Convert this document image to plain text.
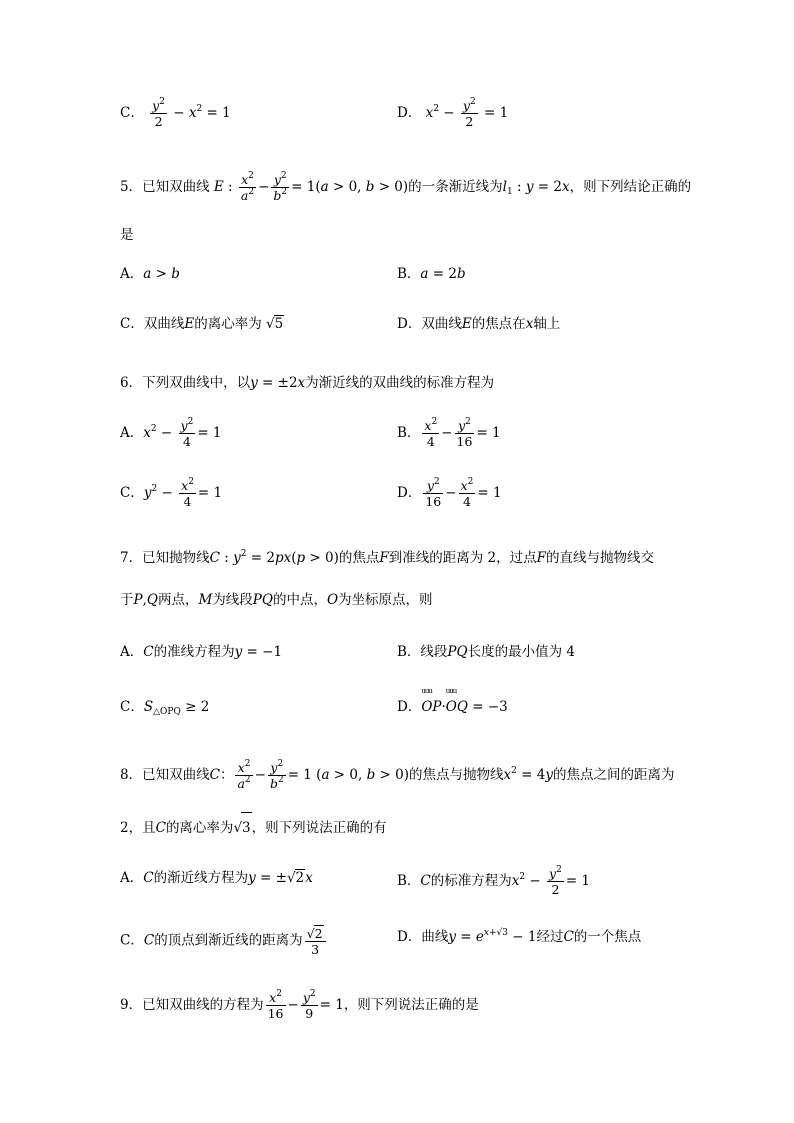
C． $\frac{y^2}{2} - x^2 = 1$	D． $x^2 - \frac{y^2}{2} = 1$
5．已知双曲线 E : $\frac{x^2}{a^2} - \frac{y^2}{b^2} = 1(a > 0$, b > 0)的一条渐近线为$l_1$ : y = 2x，则下列结论正确的
是
A．a > b	B．a = 2b
C．双曲线E的离心率为 √5	D．双曲线E的焦点在x轴上
6．下列双曲线中，以y = ±2x为渐近线的双曲线的标准方程为
A．$x^2 - \frac{y^2}{4} = 1$	B． $\frac{x^2}{4} - \frac{y^2}{16} = 1$
C．$y^2 - \frac{x^2}{4} = 1$	D． $\frac{y^2}{16} - \frac{x^2}{4} = 1$
7．已知抛物线C : $y^2 = 2px(p > 0)$的焦点F到准线的距离为 2，过点F的直线与抛物线交
于P,Q两点，M为线段PQ的中点，O为坐标原点，则
A．C的准线方程为y = −1	B．线段PQ长度的最小值为 4
C．$S_{\triangle OPQ} \ge 2$	D．uuu OP·uuu OQ = −3
8．已知双曲线C： $\frac{x^2}{a^2} - \frac{y^2}{b^2} = 1$ (a > 0, b > 0)的焦点与抛物线$x^2 = 4y$的焦点之间的距离为
2，且C的离心率为√3，则下列说法正确的有
A．C的渐近线方程为y = ±√2x	B．C的标准方程为$x^2 - \frac{y^2}{2} = 1$
C．C的顶点到渐近线的距离为 $\frac{√2}{3}$	D．曲线$y = e^{x+√3} - 1$经过C的一个焦点
9．已知双曲线的方程为 $\frac{x^2}{16} - \frac{y^2}{9} = 1$，则下列说法正确的是
